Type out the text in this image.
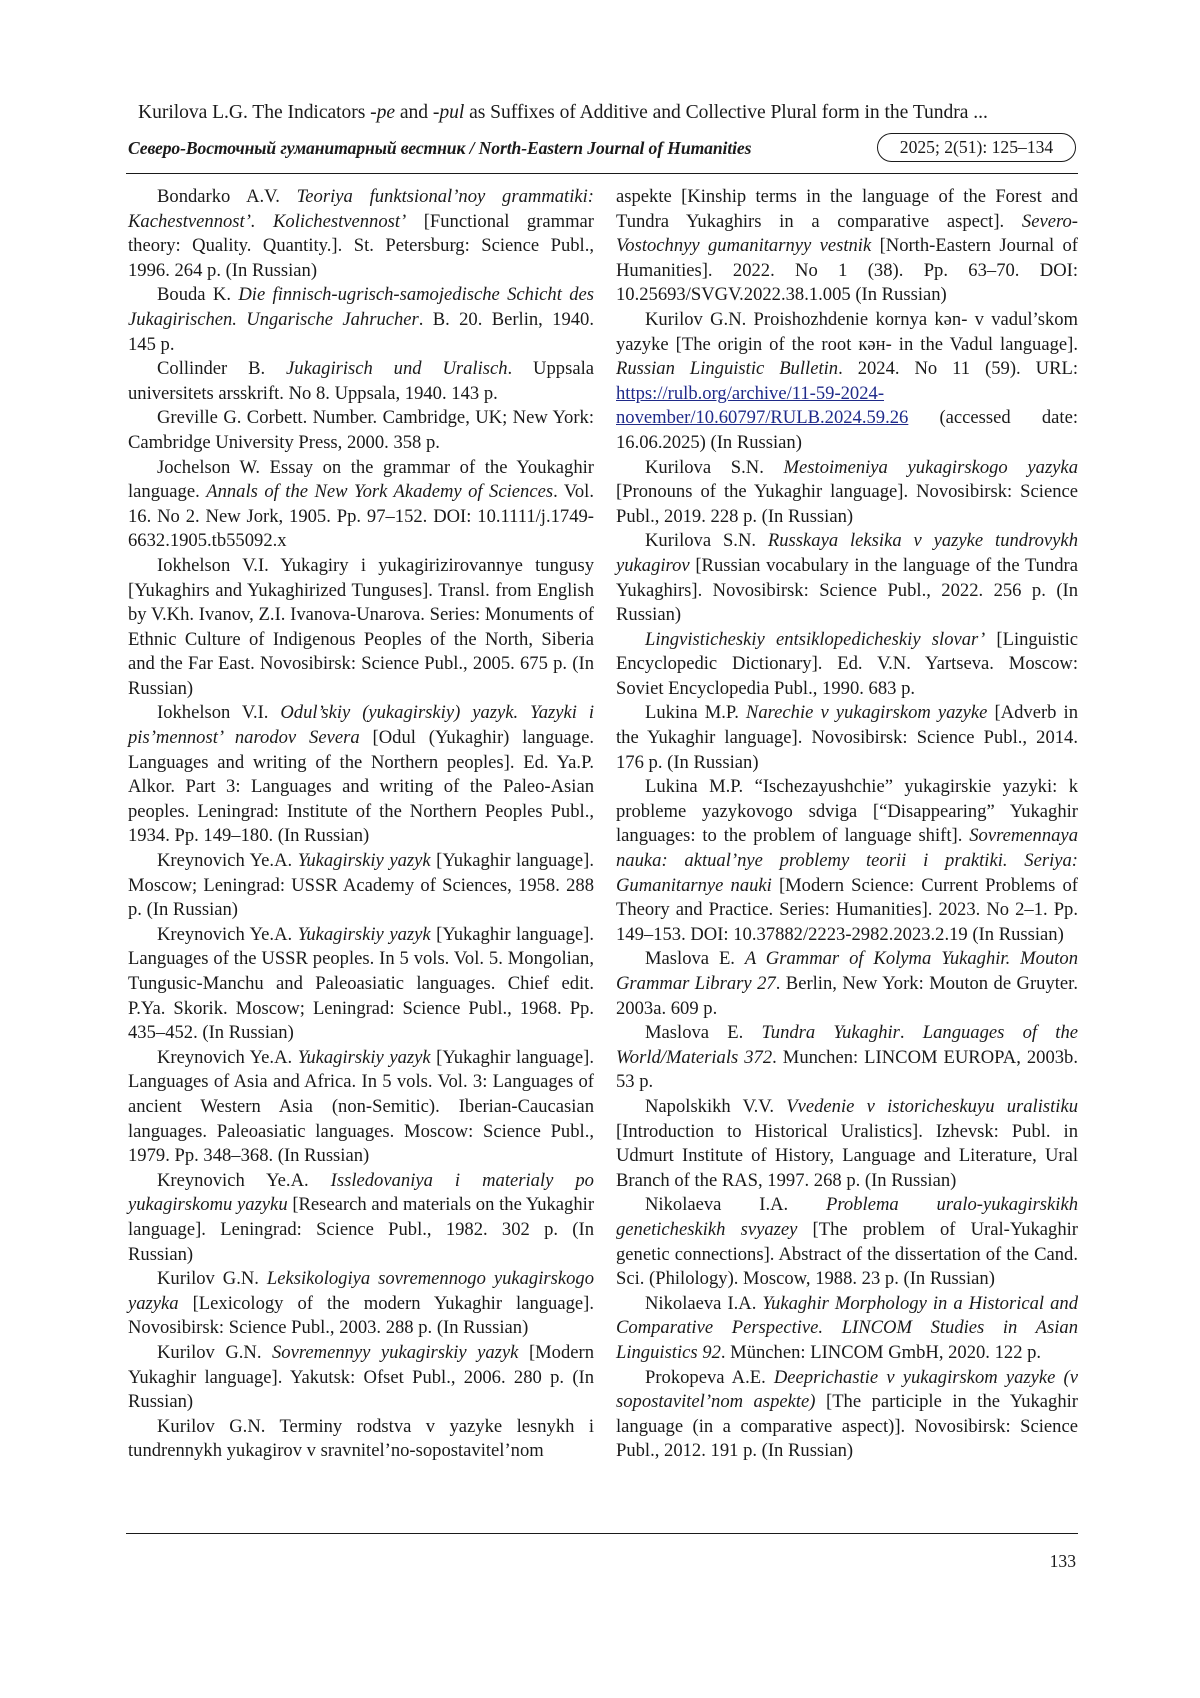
Kurilova L.G. The Indicators -pe and -pul as Suffixes of Additive and Collective Plural form in the Tundra ...
Северо-Восточный гуманитарный вестник / North-Eastern Journal of Humanities	2025; 2(51): 125–134

Bondarko A.V. Teoriya funktsional’noy grammatiki: Kachestvennost’. Kolichestvennost’ [Functional grammar theory: Quality. Quantity.]. St. Petersburg: Science Publ., 1996. 264 p. (In Russian)

Bouda K. Die finnisch-ugrisch-samojedische Schicht des Jukagirischen. Ungarische Jahrucher. B. 20. Berlin, 1940. 145 p.

Collinder B. Jukagirisch und Uralisch. Uppsala universitets arsskrift. No 8. Uppsala, 1940. 143 p.

Greville G. Corbett. Number. Cambridge, UK; New York: Cambridge University Press, 2000. 358 p.

Jochelson W. Essay on the grammar of the Youkaghir language. Annals of the New York Akademy of Sciences. Vol. 16. No 2. New Jork, 1905. Pp. 97–152. DOI: 10.1111/j.1749-6632.1905.tb55092.x

Iokhelson V.I. Yukagiry i yukagirizirovannye tungusy [Yukaghirs and Yukaghirized Tunguses]. Transl. from English by V.Kh. Ivanov, Z.I. Ivanova-Unarova. Series: Monuments of Ethnic Culture of Indigenous Peoples of the North, Siberia and the Far East. Novosibirsk: Science Publ., 2005. 675 p. (In Russian)

Iokhelson V.I. Odul’skiy (yukagirskiy) yazyk. Yazyki i pis’mennost’ narodov Severa [Odul (Yukaghir) language. Languages and writing of the Northern peoples]. Ed. Ya.P. Alkor. Part 3: Languages and writing of the Paleo-Asian peoples. Leningrad: Institute of the Northern Peoples Publ., 1934. Pp. 149–180. (In Russian)

Kreynovich Ye.A. Yukagirskiy yazyk [Yukaghir language]. Moscow; Leningrad: USSR Academy of Sciences, 1958. 288 p. (In Russian)

Kreynovich Ye.A. Yukagirskiy yazyk [Yukaghir language]. Languages of the USSR peoples. In 5 vols. Vol. 5. Mongolian, Tungusic-Manchu and Paleoasiatic languages. Chief edit. P.Ya. Skorik. Moscow; Leningrad: Science Publ., 1968. Pp. 435–452. (In Russian)

Kreynovich Ye.A. Yukagirskiy yazyk [Yukaghir language]. Languages of Asia and Africa. In 5 vols. Vol. 3: Languages of ancient Western Asia (non-Semitic). Iberian-Caucasian languages. Paleoasiatic languages. Moscow: Science Publ., 1979. Pp. 348–368. (In Russian)

Kreynovich Ye.A. Issledovaniya i materialy po yukagirskomu yazyku [Research and materials on the Yukaghir language]. Leningrad: Science Publ., 1982. 302 p. (In Russian)

Kurilov G.N. Leksikologiya sovremennogo yukagirskogo yazyka [Lexicology of the modern Yukaghir language]. Novosibirsk: Science Publ., 2003. 288 p. (In Russian)

Kurilov G.N. Sovremennyy yukagirskiy yazyk [Modern Yukaghir language]. Yakutsk: Ofset Publ., 2006. 280 p. (In Russian)

Kurilov G.N. Terminy rodstva v yazyke lesnykh i tundrennykh yukagirov v sravnitel’no-sopostavitel’nom

aspekte [Kinship terms in the language of the Forest and Tundra Yukaghirs in a comparative aspect]. Severo-Vostochnyy gumanitarnyy vestnik [North-Eastern Journal of Humanities]. 2022. No 1 (38). Pp. 63–70. DOI: 10.25693/SVGV.2022.38.1.005 (In Russian)

Kurilov G.N. Proishozhdenie kornya kən- v vadul’skom yazyke [The origin of the root кəн- in the Vadul language]. Russian Linguistic Bulletin. 2024. No 11 (59). URL: https://rulb.org/archive/11-59-2024-november/10.60797/RULB.2024.59.26 (accessed date: 16.06.2025) (In Russian)

Kurilova S.N. Mestoimeniya yukagirskogo yazyka [Pronouns of the Yukaghir language]. Novosibirsk: Science Publ., 2019. 228 p. (In Russian)

Kurilova S.N. Russkaya leksika v yazyke tundrovykh yukagirov [Russian vocabulary in the language of the Tundra Yukaghirs]. Novosibirsk: Science Publ., 2022. 256 p. (In Russian)

Lingvisticheskiy entsiklopedicheskiy slovar’ [Linguistic Encyclopedic Dictionary]. Ed. V.N. Yartseva. Moscow: Soviet Encyclopedia Publ., 1990. 683 p.

Lukina M.P. Narechie v yukagirskom yazyke [Adverb in the Yukaghir language]. Novosibirsk: Science Publ., 2014. 176 p. (In Russian)

Lukina M.P. “Ischezayushchie” yukagirskie yazyki: k probleme yazykovogo sdviga [“Disappearing” Yukaghir languages: to the problem of language shift]. Sovremennaya nauka: aktual’nye problemy teorii i praktiki. Seriya: Gumanitarnye nauki [Modern Science: Current Problems of Theory and Practice. Series: Humanities]. 2023. No 2–1. Pp. 149–153. DOI: 10.37882/2223-2982.2023.2.19 (In Russian)

Maslova E. A Grammar of Kolyma Yukaghir. Mouton Grammar Library 27. Berlin, New York: Mouton de Gruyter. 2003a. 609 p.

Maslova E. Tundra Yukaghir. Languages of the World/Materials 372. Munchen: LINCOM EUROPA, 2003b. 53 p.

Napolskikh V.V. Vvedenie v istoricheskuyu uralistiku [Introduction to Historical Uralistics]. Izhevsk: Publ. in Udmurt Institute of History, Language and Literature, Ural Branch of the RAS, 1997. 268 p. (In Russian)

Nikolaeva I.A. Problema uralo-yukagirskikh geneticheskikh svyazey [The problem of Ural-Yukaghir genetic connections]. Abstract of the dissertation of the Cand. Sci. (Philology). Moscow, 1988. 23 p. (In Russian)

Nikolaeva I.A. Yukaghir Morphology in a Historical and Comparative Perspective. LINCOM Studies in Asian Linguistics 92. München: LINCOM GmbH, 2020. 122 p.

Prokopeva A.E. Deeprichastie v yukagirskom yazyke (v sopostavitel’nom aspekte) [The participle in the Yukaghir language (in a comparative aspect)]. Novosibirsk: Science Publ., 2012. 191 p. (In Russian)

133
